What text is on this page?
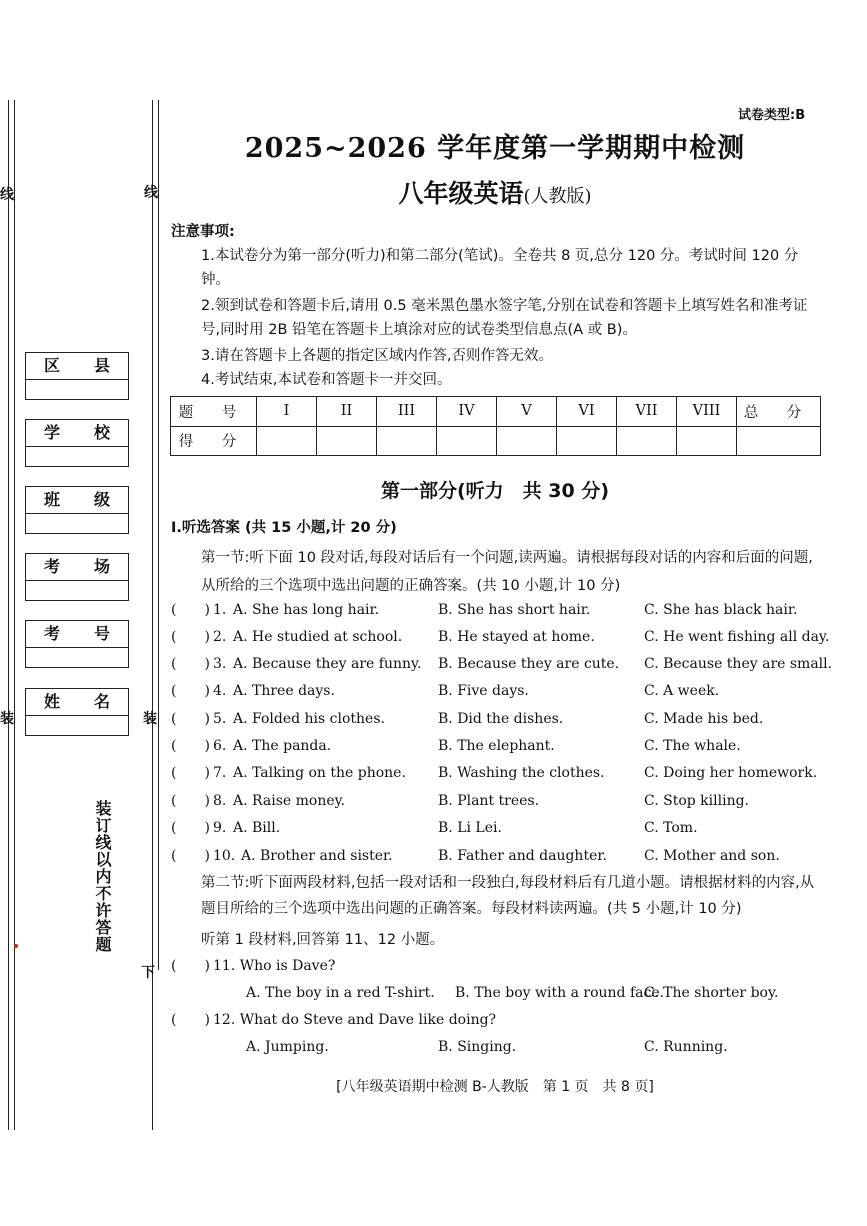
线	线
装	装
区 县
学 校
班 级
考 场
考 号
姓 名
装订线以内不许答题
下
试卷类型:B
2025~2026 学年度第一学期期中检测
八年级英语(人教版)
注意事项:
1.本试卷分为第一部分(听力)和第二部分(笔试)。全卷共 8 页,总分 120 分。考试时间 120 分钟。
2.领到试卷和答题卡后,请用 0.5 毫米黑色墨水签字笔,分别在试卷和答题卡上填写姓名和准考证号,同时用 2B 铅笔在答题卡上填涂对应的试卷类型信息点(A 或 B)。
3.请在答题卡上各题的指定区域内作答,否则作答无效。
4.考试结束,本试卷和答题卡一并交回。
题 号	I	II	III	IV	V	VI	VII	VIII	总 分
得 分									
第一部分(听力　共 30 分)
I.听选答案 (共 15 小题,计 20 分)
第一节:听下面 10 段对话,每段对话后有一个问题,读两遍。请根据每段对话的内容和后面的问题,从所给的三个选项中选出问题的正确答案。(共 10 小题,计 10 分)
(　　) 1. A. She has long hair.	B. She has short hair.	C. She has black hair.
(　　) 2. A. He studied at school.	B. He stayed at home.	C. He went fishing all day.
(　　) 3. A. Because they are funny. B. Because they are cute. C. Because they are small.
(　　) 4. A. Three days.	B. Five days.	C. A week.
(　　) 5. A. Folded his clothes.	B. Did the dishes.	C. Made his bed.
(　　) 6. A. The panda.	B. The elephant.	C. The whale.
(　　) 7. A. Talking on the phone. B. Washing the clothes.	C. Doing her homework.
(　　) 8. A. Raise money.	B. Plant trees.	C. Stop killing.
(　　) 9. A. Bill.	B. Li Lei.	C. Tom.
(　　) 10. A. Brother and sister.	B. Father and daughter.	C. Mother and son.
第二节:听下面两段材料,包括一段对话和一段独白,每段材料后有几道小题。请根据材料的内容,从题目所给的三个选项中选出问题的正确答案。每段材料读两遍。(共 5 小题,计 10 分)
听第 1 段材料,回答第 11、12 小题。
(　　) 11. Who is Dave?
A. The boy in a red T-shirt. B. The boy with a round face.
C. The shorter boy.
(　　) 12. What do Steve and Dave like doing?
A. Jumping.	B. Singing.	C. Running.
[八年级英语期中检测 B-人教版　第 1 页　共 8 页]
